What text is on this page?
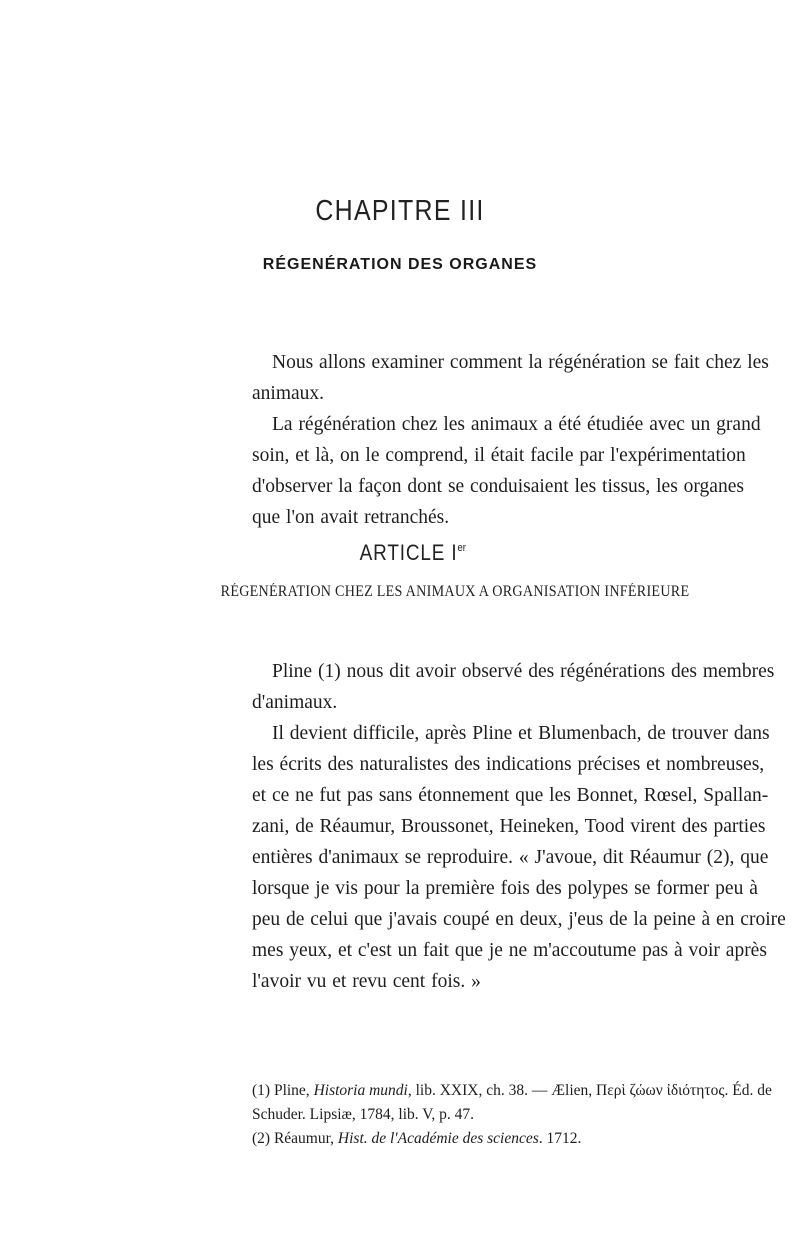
CHAPITRE III
RÉGENÉRATION DES ORGANES
Nous allons examiner comment la régénération se fait chez les
animaux.
La régénération chez les animaux a été étudiée avec un grand
soin, et là, on le comprend, il était facile par l'expérimentation
d'observer la façon dont se conduisaient les tissus, les organes
que l'on avait retranchés.
ARTICLE Ier
RÉGENÉRATION CHEZ LES ANIMAUX A ORGANISATION INFÉRIEURE
Pline (1) nous dit avoir observé des régénérations des membres
d'animaux.
Il devient difficile, après Pline et Blumenbach, de trouver dans
les écrits des naturalistes des indications précises et nombreuses,
et ce ne fut pas sans étonnement que les Bonnet, Rœsel, Spallan-
zani, de Réaumur, Broussonet, Heineken, Tood virent des parties
entières d'animaux se reproduire. « J'avoue, dit Réaumur (2), que
lorsque je vis pour la première fois des polypes se former peu à
peu de celui que j'avais coupé en deux, j'eus de la peine à en croire
mes yeux, et c'est un fait que je ne m'accoutume pas à voir après
l'avoir vu et revu cent fois. »
(1) Pline, Historia mundi, lib. XXIX, ch. 38. — Ælien, Περὶ ζώων ἰδιότητος. Éd. de
Schuder. Lipsiæ, 1784, lib. V, p. 47.
(2) Réaumur, Hist. de l'Académie des sciences. 1712.
